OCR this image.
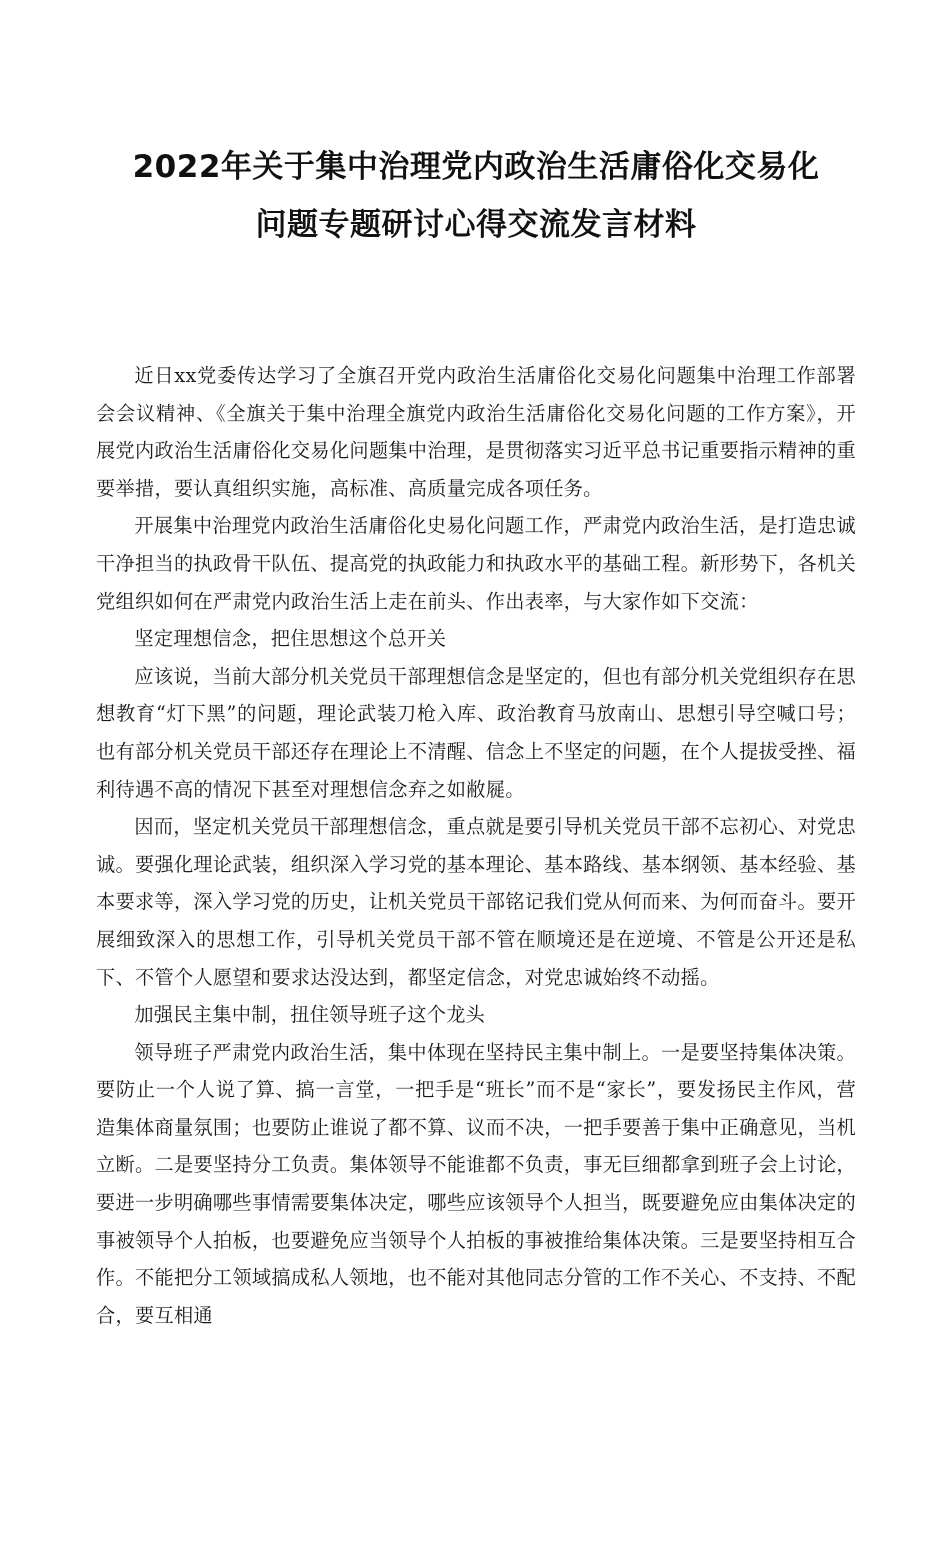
2022年关于集中治理党内政治生活庸俗化交易化
问题专题研讨心得交流发言材料

近日xx党委传达学习了全旗召开党内政治生活庸俗化交易化问题集中治理工作部署会会议精神、《全旗关于集中治理全旗党内政治生活庸俗化交易化问题的工作方案》，开展党内政治生活庸俗化交易化问题集中治理，是贯彻落实习近平总书记重要指示精神的重要举措，要认真组织实施，高标准、高质量完成各项任务。

开展集中治理党内政治生活庸俗化史易化问题工作，严肃党内政治生活，是打造忠诚干净担当的执政骨干队伍、提高党的执政能力和执政水平的基础工程。新形势下，各机关党组织如何在严肃党内政治生活上走在前头、作出表率，与大家作如下交流：

坚定理想信念，把住思想这个总开关

应该说，当前大部分机关党员干部理想信念是坚定的，但也有部分机关党组织存在思想教育“灯下黑”的问题，理论武装刀枪入库、政治教育马放南山、思想引导空喊口号；也有部分机关党员干部还存在理论上不清醒、信念上不坚定的问题，在个人提拔受挫、福利待遇不高的情况下甚至对理想信念弃之如敝屣。

因而，坚定机关党员干部理想信念，重点就是要引导机关党员干部不忘初心、对党忠诚。要强化理论武装，组织深入学习党的基本理论、基本路线、基本纲领、基本经验、基本要求等，深入学习党的历史，让机关党员干部铭记我们党从何而来、为何而奋斗。要开展细致深入的思想工作，引导机关党员干部不管在顺境还是在逆境、不管是公开还是私下、不管个人愿望和要求达没达到，都坚定信念，对党忠诚始终不动摇。

加强民主集中制，扭住领导班子这个龙头

领导班子严肃党内政治生活，集中体现在坚持民主集中制上。一是要坚持集体决策。要防止一个人说了算、搞一言堂，一把手是“班长”而不是“家长”，要发扬民主作风，营造集体商量氛围；也要防止谁说了都不算、议而不决，一把手要善于集中正确意见，当机立断。二是要坚持分工负责。集体领导不能谁都不负责，事无巨细都拿到班子会上讨论，要进一步明确哪些事情需要集体决定，哪些应该领导个人担当，既要避免应由集体决定的事被领导个人拍板，也要避免应当领导个人拍板的事被推给集体决策。三是要坚持相互合作。不能把分工领域搞成私人领地，也不能对其他同志分管的工作不关心、不支持、不配合，要互相通
